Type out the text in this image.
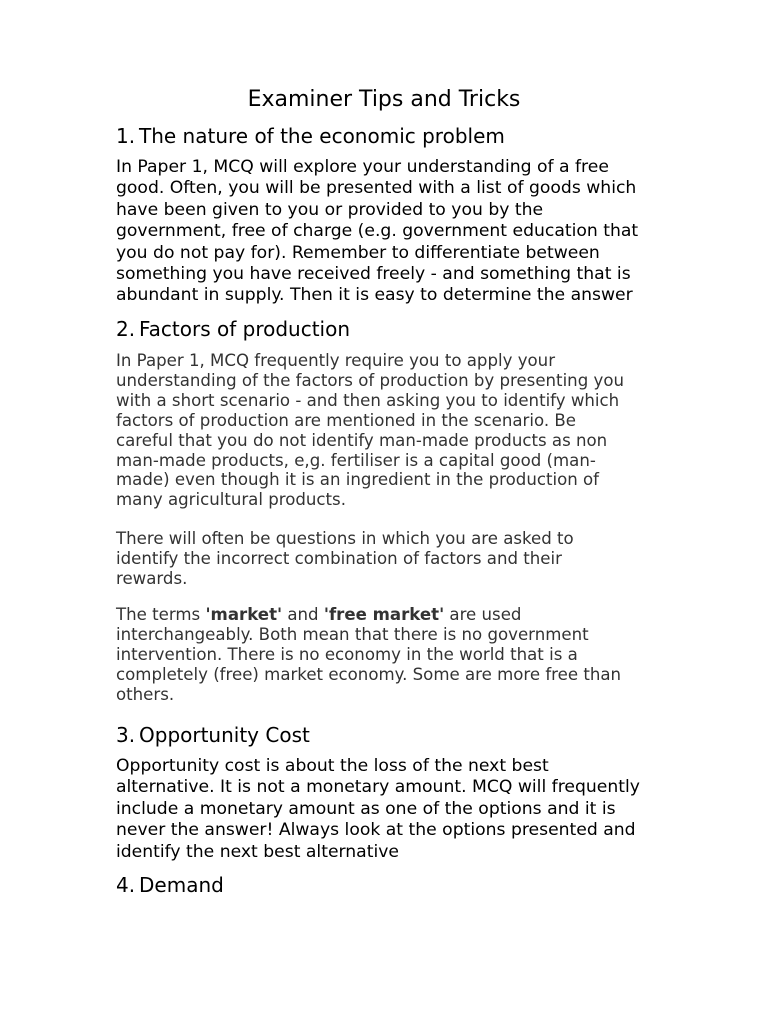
Examiner Tips and Tricks
1. The nature of the economic problem

In Paper 1, MCQ will explore your understanding of a free
good. Often, you will be presented with a list of goods which
have been given to you or provided to you by the
government, free of charge (e.g. government education that
you do not pay for). Remember to differentiate between
something you have received freely - and something that is
abundant in supply. Then it is easy to determine the answer

2. Factors of production

In Paper 1, MCQ frequently require you to apply your
understanding of the factors of production by presenting you
with a short scenario - and then asking you to identify which
factors of production are mentioned in the scenario. Be
careful that you do not identify man-made products as non
man-made products, e,g. fertiliser is a capital good (man-
made) even though it is an ingredient in the production of
many agricultural products.

There will often be questions in which you are asked to
identify the incorrect combination of factors and their
rewards.

The terms 'market' and 'free market' are used
interchangeably. Both mean that there is no government
intervention. There is no economy in the world that is a
completely (free) market economy. Some are more free than
others.

3. Opportunity Cost

Opportunity cost is about the loss of the next best
alternative. It is not a monetary amount. MCQ will frequently
include a monetary amount as one of the options and it is
never the answer! Always look at the options presented and
identify the next best alternative

4. Demand
